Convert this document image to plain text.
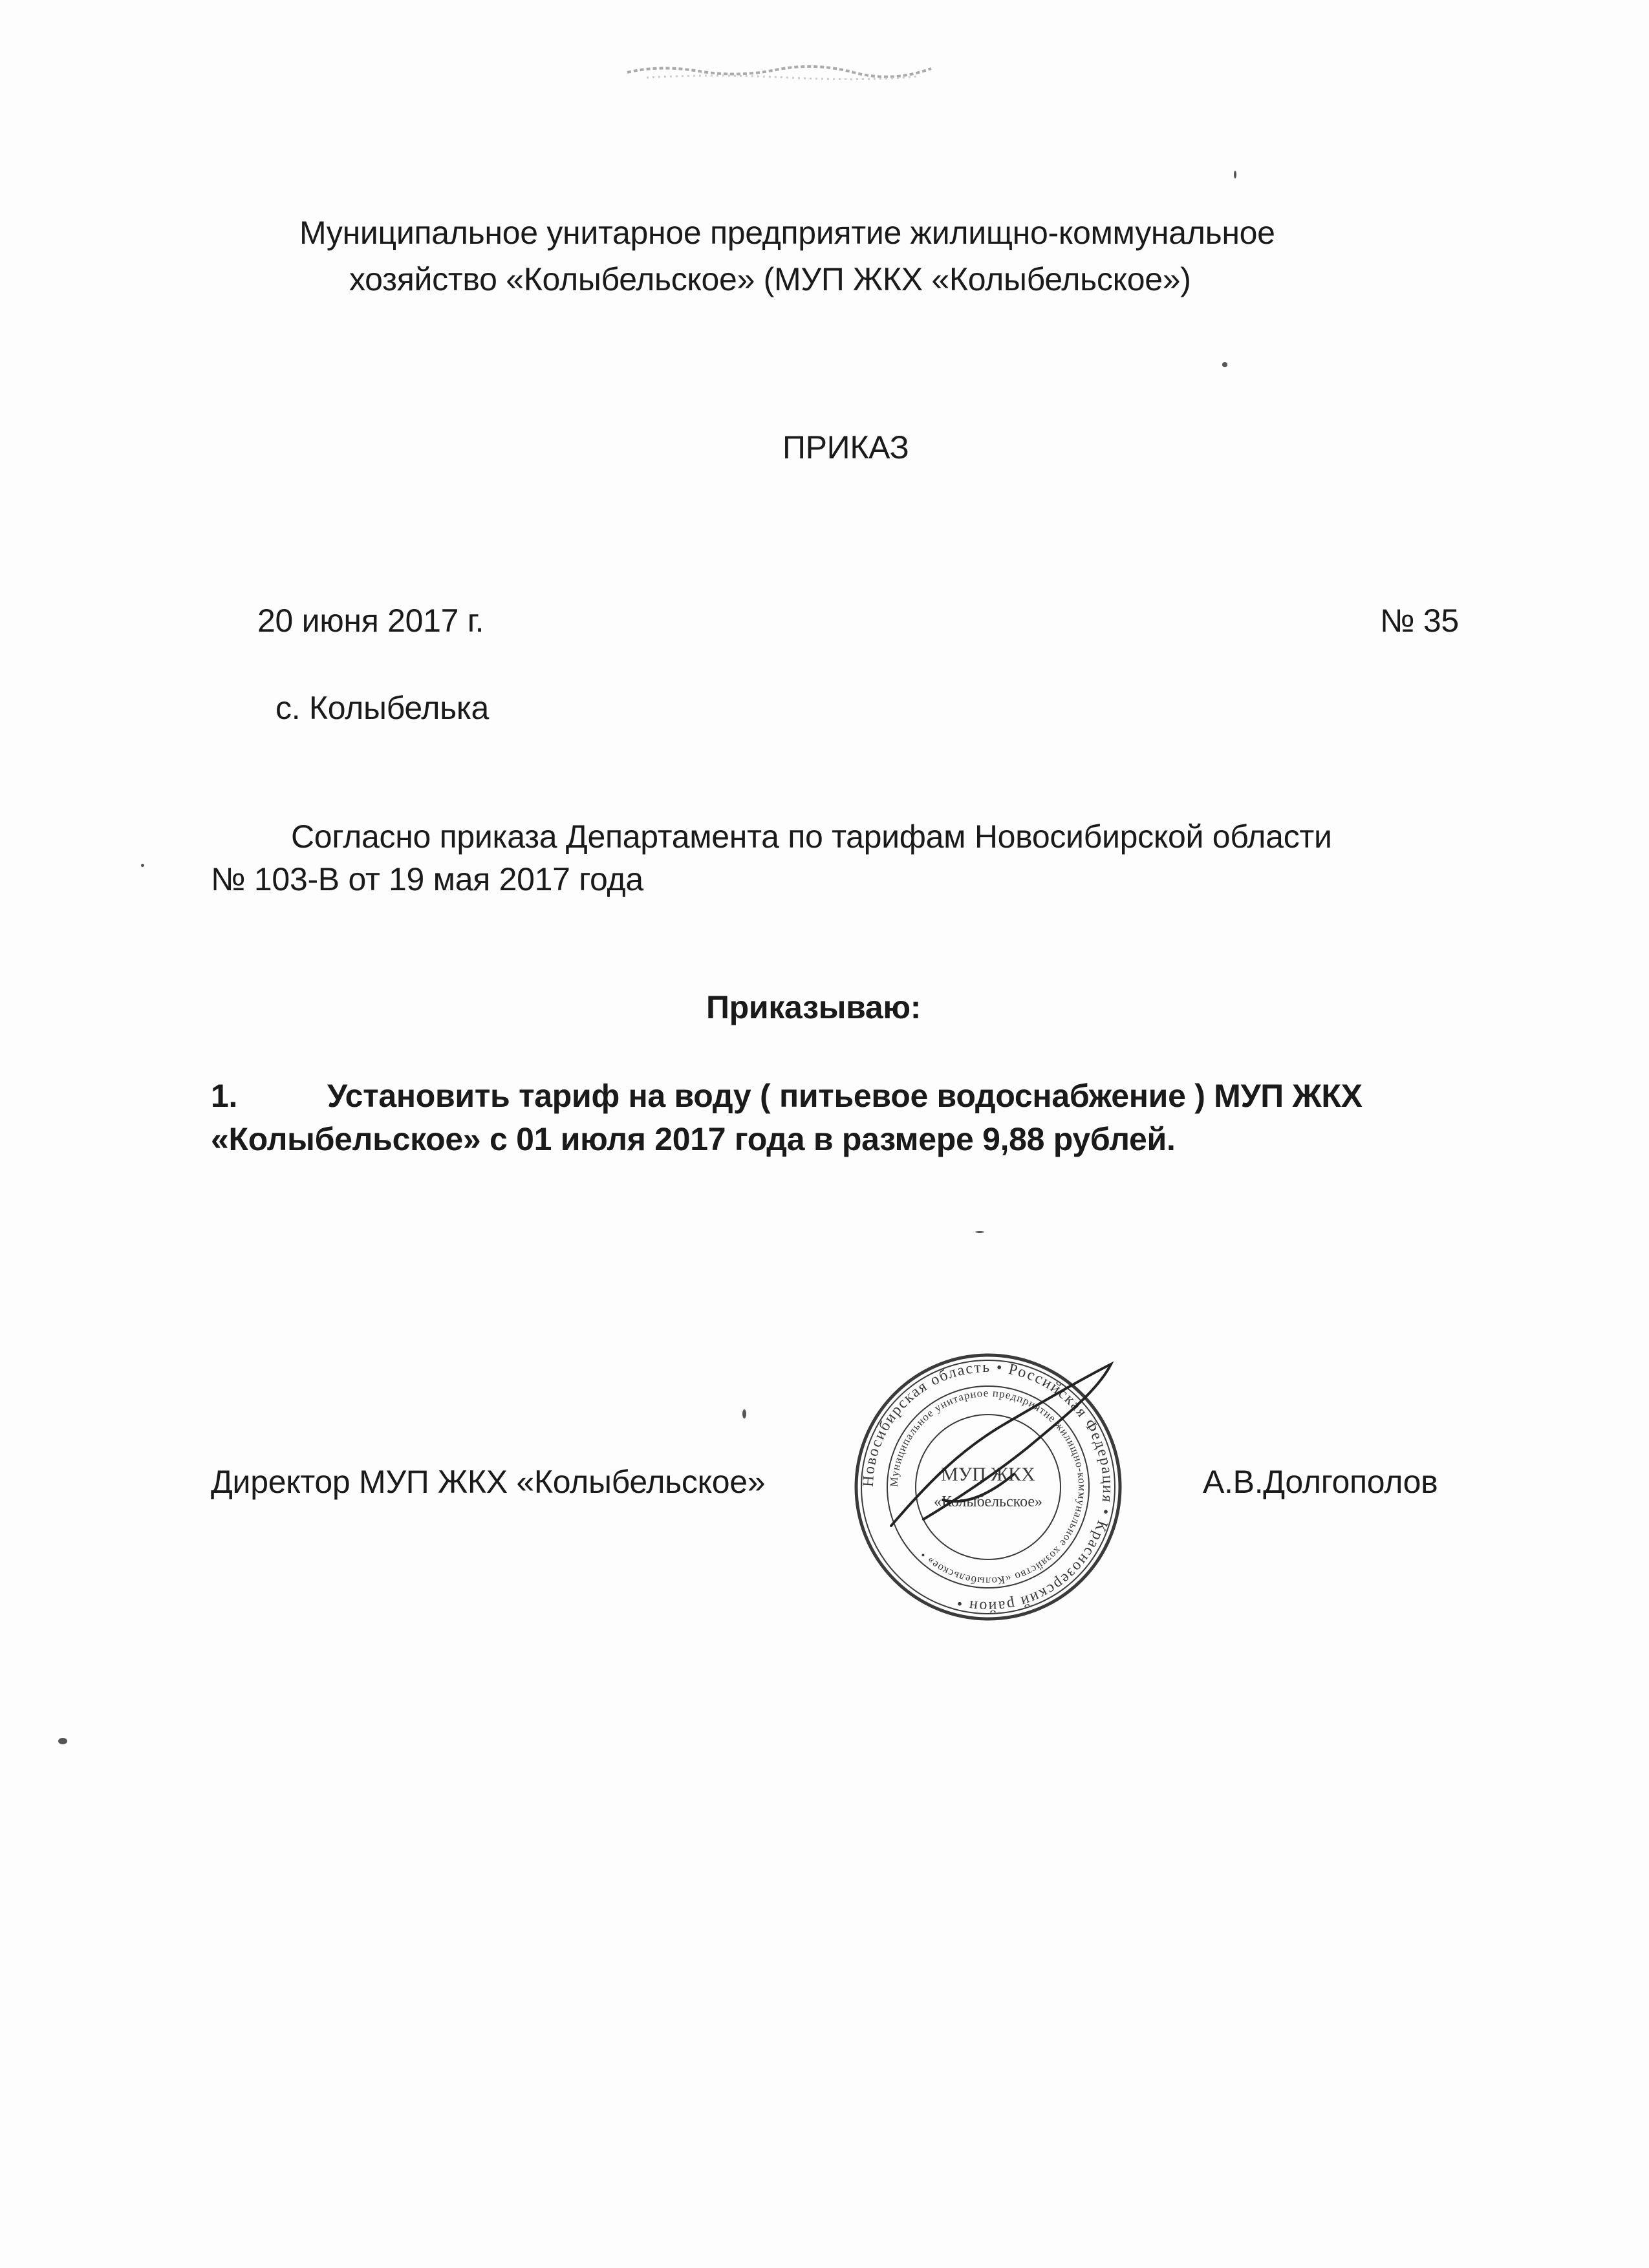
Муниципальное унитарное предприятие жилищно-коммунальное
хозяйство «Колыбельское» (МУП ЖКХ «Колыбельское»)
ПРИКАЗ
20 июня 2017 г.	№ 35
с. Колыбелька
Согласно приказа Департамента по тарифам Новосибирской области
№ 103-В от 19 мая 2017 года
Приказываю:
1.	Установить тариф на воду ( питьевое водоснабжение ) МУП ЖКХ
«Колыбельское» с 01 июля 2017 года в размере 9,88 рублей.
Директор МУП ЖКХ «Колыбельское»	А.В.Долгополов
Новосибирская область • Российская Федерация • Краснозерский район •
Муниципальное унитарное предприятие жилищно-коммунальное хозяйство «Колыбельское» •
МУП ЖКХ
«Колыбельское»
